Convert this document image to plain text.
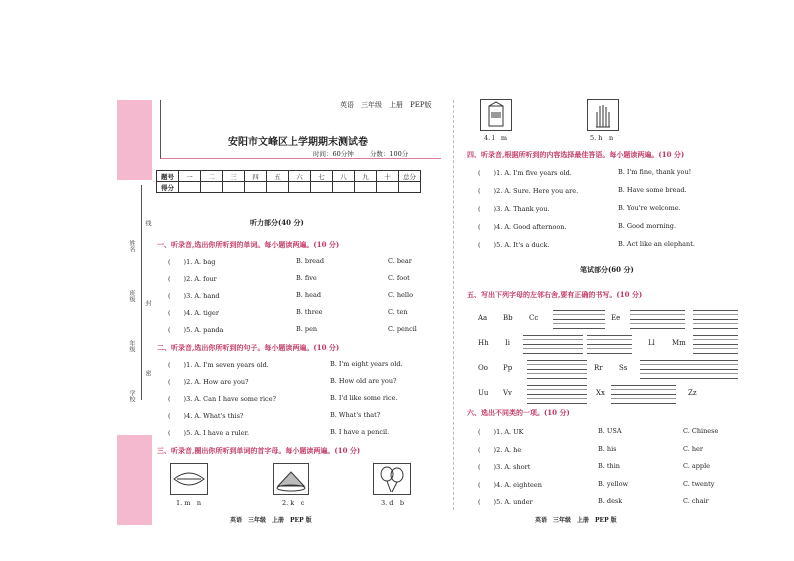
姓名
班级
年级
学校
线
封
密
英语　三年级　上册　PEP版
安阳市文峰区上学期期末测试卷
时间：60分钟 分数：100分
题号	一	二	三	四	五	六	七	八	九	十	总分
得分											
听力部分(40 分)
一、听录音,选出你所听到的单词。每小题读两遍。(10 分)
(　　)1. A. bag	B. bread	C. bear
(　　)2. A. four	B. five	C. foot
(　　)3. A. hand	B. head	C. hello
(　　)4. A. tiger	B. three	C. ten
(　　)5. A. panda	B. pen	C. pencil
二、听录音,选出你所听到的句子。每小题读两遍。(10 分)
(　　)1. A. I'm seven years old.	B. I'm eight years old.
(　　)2. A. How are you?	B. How old are you?
(　　)3. A. Can I have some rice?	B. I'd like some rice.
(　　)4. A. What's this?	B. What's that?
(　　)5. A. I have a ruler.	B. I have a pencil.
三、听录音,圈出你所听到单词的首字母。每小题读两遍。(10 分)
1. m　n	2. k　c	3. d　b
英语　三年级　上册　PEP 版
4. l　m	5. h　n
四、听录音,根据所听到的内容选择最佳答语。每小题读两遍。(10 分)
(　　)1. A. I'm five years old.	B. I'm fine, thank you!
(　　)2. A. Sure. Here you are.	B. Have some bread.
(　　)3. A. Thank you.	B. You're welcome.
(　　)4. A. Good afternoon.	B. Good morning.
(　　)5. A. It's a duck.	B. Act like an elephant.
笔试部分(60 分)
五、写出下列字母的左邻右舍,要有正确的书写。(10 分)
Aa Bb Cc	Ee
Hh Ii	Ll Mm
Oo Pp	Rr Ss
Uu Vv	Xx	Zz
六、选出不同类的一项。(10 分)
(　　)1. A. UK	B. USA	C. Chinese
(　　)2. A. he	B. his	C. her
(　　)3. A. short	B. thin	C. apple
(　　)4. A. eighteen	B. yellow	C. twenty
(　　)5. A. under	B. desk	C. chair
英语　三年级　上册　PEP 版
